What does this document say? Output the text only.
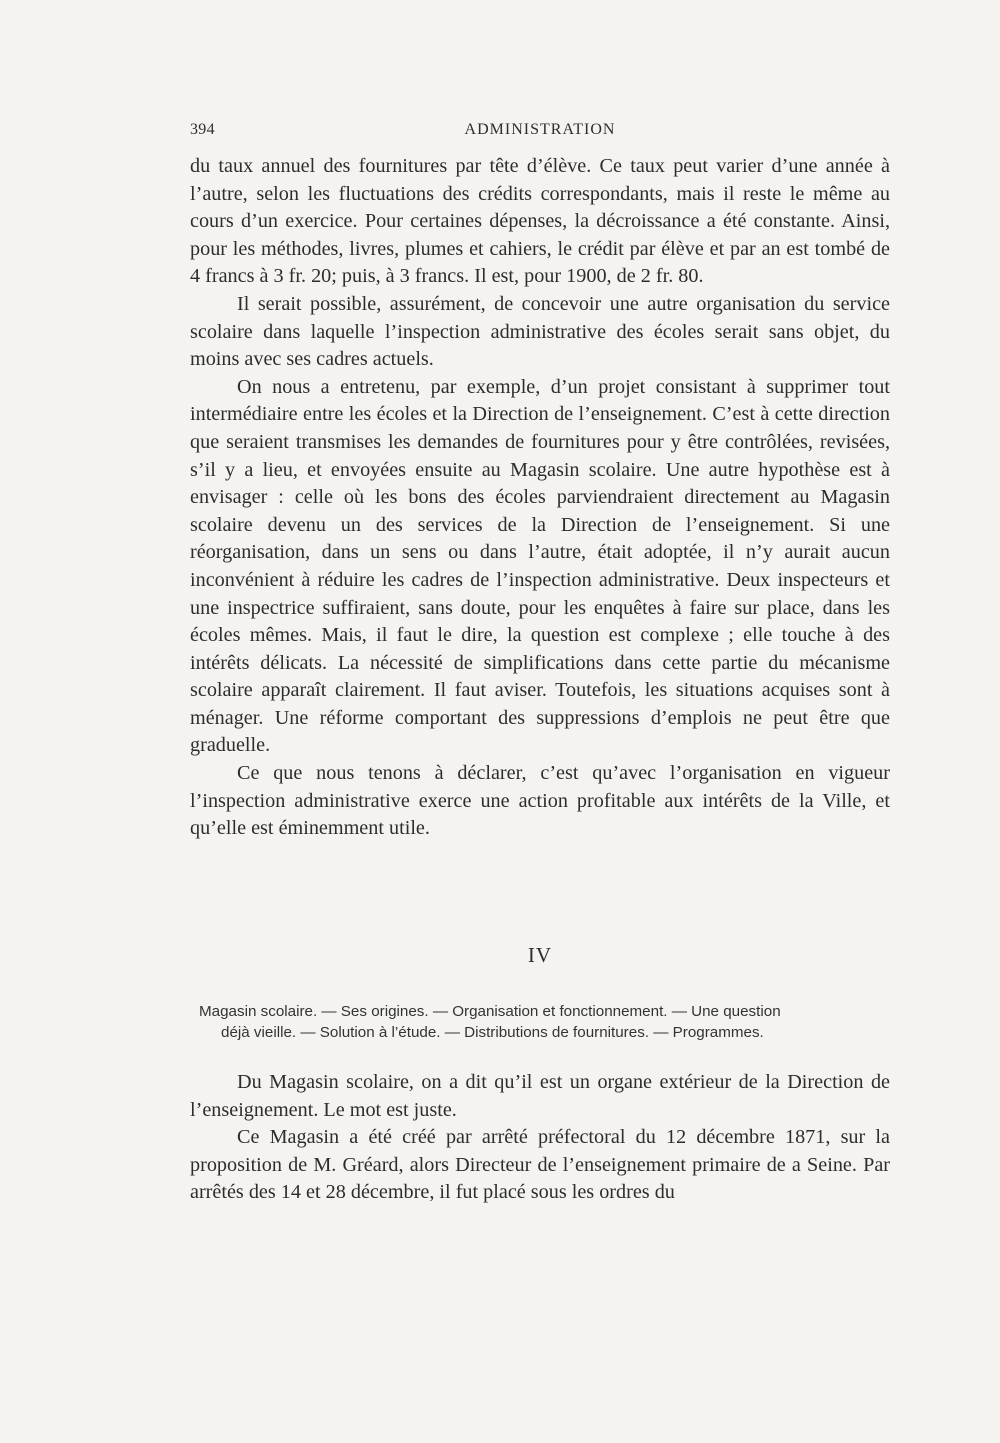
394	ADMINISTRATION

du taux annuel des fournitures par tête d’élève. Ce taux peut varier d’une année à l’autre, selon les fluctuations des crédits correspondants, mais il reste le même au cours d’un exercice. Pour certaines dépenses, la décroissance a été constante. Ainsi, pour les méthodes, livres, plumes et cahiers, le crédit par élève et par an est tombé de 4 francs à 3 fr. 20; puis, à 3 francs. Il est, pour 1900, de 2 fr. 80.

Il serait possible, assurément, de concevoir une autre organisation du service scolaire dans laquelle l’inspection administrative des écoles serait sans objet, du moins avec ses cadres actuels.

On nous a entretenu, par exemple, d’un projet consistant à supprimer tout intermédiaire entre les écoles et la Direction de l’enseignement. C’est à cette direction que seraient transmises les demandes de fournitures pour y être contrôlées, revisées, s’il y a lieu, et envoyées ensuite au Magasin scolaire. Une autre hypothèse est à envisager : celle où les bons des écoles parviendraient directement au Magasin scolaire devenu un des services de la Direction de l’enseignement. Si une réorganisation, dans un sens ou dans l’autre, était adoptée, il n’y aurait aucun inconvénient à réduire les cadres de l’inspection administrative. Deux inspecteurs et une inspectrice suffiraient, sans doute, pour les enquêtes à faire sur place, dans les écoles mêmes. Mais, il faut le dire, la question est complexe ; elle touche à des intérêts délicats. La nécessité de simplifications dans cette partie du mécanisme scolaire apparaît clairement. Il faut aviser. Toutefois, les situations acquises sont à ménager. Une réforme comportant des suppressions d’emplois ne peut être que graduelle.

Ce que nous tenons à déclarer, c’est qu’avec l’organisation en vigueur l’inspection administrative exerce une action profitable aux intérêts de la Ville, et qu’elle est éminemment utile.

IV

Magasin scolaire. — Ses origines. — Organisation et fonctionnement. — Une question

déjà vieille. — Solution à l’étude. — Distributions de fournitures. — Programmes.

Du Magasin scolaire, on a dit qu’il est un organe extérieur de la Direction de l’enseignement. Le mot est juste.

Ce Magasin a été créé par arrêté préfectoral du 12 décembre 1871, sur la proposition de M. Gréard, alors Directeur de l’enseignement primaire de a Seine. Par arrêtés des 14 et 28 décembre, il fut placé sous les ordres du
